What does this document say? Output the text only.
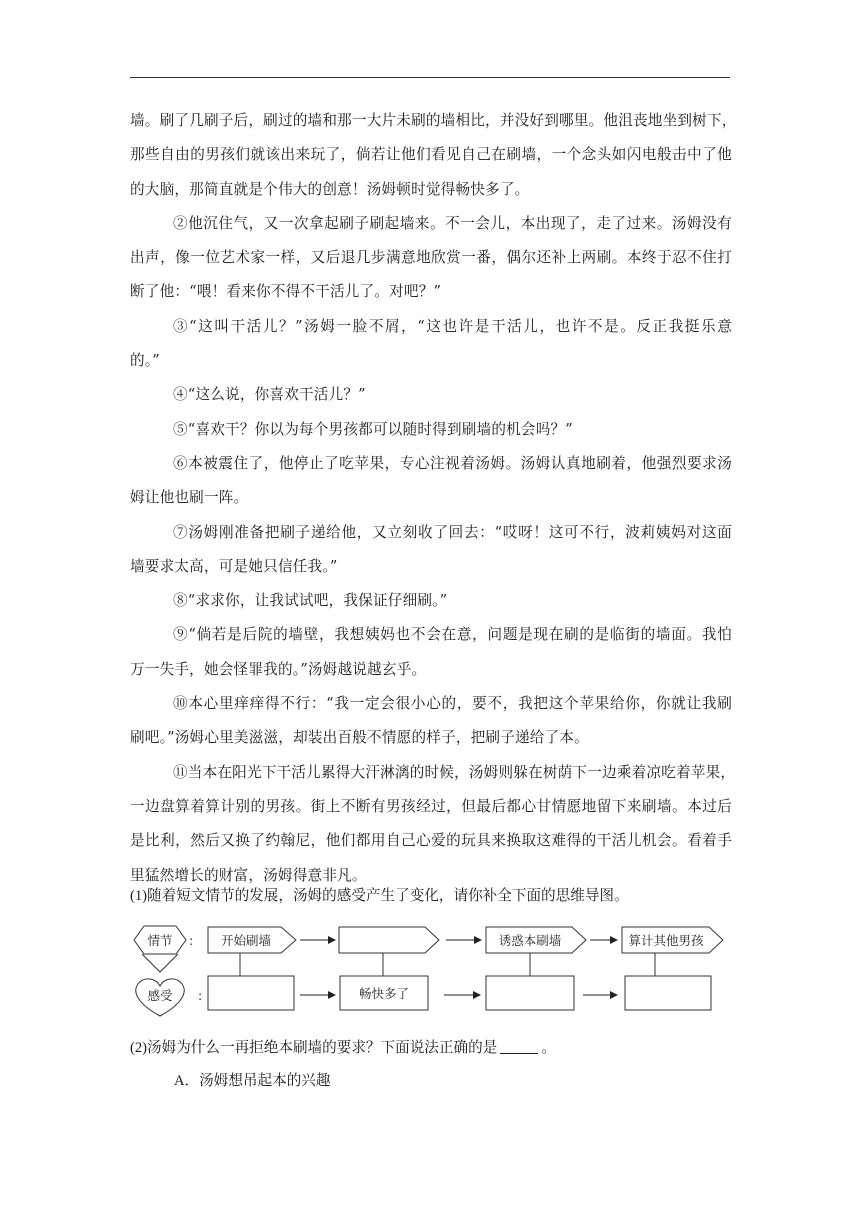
墙。刷了几刷子后，刷过的墙和那一大片未刷的墙相比，并没好到哪里。他沮丧地坐到树下，
那些自由的男孩们就该出来玩了，倘若让他们看见自己在刷墙，一个念头如闪电般击中了他
的大脑，那简直就是个伟大的创意！汤姆顿时觉得畅快多了。
②他沉住气，又一次拿起刷子刷起墙来。不一会儿，本出现了，走了过来。汤姆没有
出声，像一位艺术家一样，又后退几步满意地欣赏一番，偶尔还补上两刷。本终于忍不住打
断了他：“喂！看来你不得不干活儿了。对吧？”
③“这叫干活儿？”汤姆一脸不屑，“这也许是干活儿，也许不是。反正我挺乐意
的。”
④“这么说，你喜欢干活儿？”
⑤“喜欢干？你以为每个男孩都可以随时得到刷墙的机会吗？”
⑥本被震住了，他停止了吃苹果，专心注视着汤姆。汤姆认真地刷着，他强烈要求汤
姆让他也刷一阵。
⑦汤姆刚准备把刷子递给他，又立刻收了回去：“哎呀！这可不行，波莉姨妈对这面
墙要求太高，可是她只信任我。”
⑧“求求你，让我试试吧，我保证仔细刷。”
⑨“倘若是后院的墙壁，我想姨妈也不会在意，问题是现在刷的是临街的墙面。我怕
万一失手，她会怪罪我的。”汤姆越说越玄乎。
⑩本心里痒痒得不行：“我一定会很小心的，要不，我把这个苹果给你，你就让我刷
刷吧。”汤姆心里美滋滋，却装出百般不情愿的样子，把刷子递给了本。
⑪当本在阳光下干活儿累得大汗淋漓的时候，汤姆则躲在树荫下一边乘着凉吃着苹果，
一边盘算着算计别的男孩。街上不断有男孩经过，但最后都心甘情愿地留下来刷墙。本过后
是比利，然后又换了约翰尼，他们都用自己心爱的玩具来换取这难得的干活儿机会。看着手
里猛然增长的财富，汤姆得意非凡。
(1)随着短文情节的发展，汤姆的感受产生了变化，请你补全下面的思维导图。
情节 :
感受 :
开始刷墙	诱惑本刷墙	算计其他男孩
畅快多了
(2)汤姆为什么一再拒绝本刷墙的要求？下面说法正确的是	。
A．汤姆想吊起本的兴趣
